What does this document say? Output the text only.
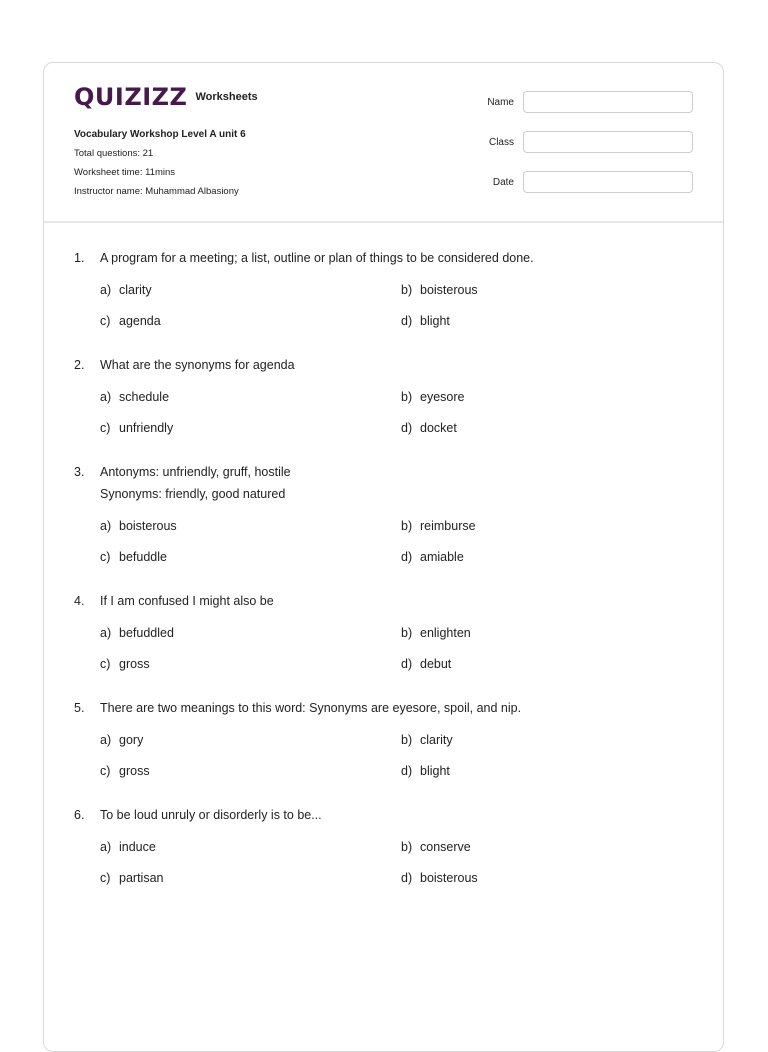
QUIZIZZ Worksheets
Vocabulary Workshop Level A unit 6
Total questions: 21
Worksheet time: 11mins
Instructor name: Muhammad Albasiony
Name
Class
Date
1.	A program for a meeting; a list, outline or plan of things to be considered done.
a) clarity	b) boisterous
c) agenda	d) blight
2.	What are the synonyms for agenda
a) schedule	b) eyesore
c) unfriendly	d) docket
3.	Antonyms: unfriendly, gruff, hostile
Synonyms: friendly, good natured
a) boisterous	b) reimburse
c) befuddle	d) amiable
4.	If I am confused I might also be
a) befuddled	b) enlighten
c) gross	d) debut
5.	There are two meanings to this word: Synonyms are eyesore, spoil, and nip.
a) gory	b) clarity
c) gross	d) blight
6.	To be loud unruly or disorderly is to be...
a) induce	b) conserve
c) partisan	d) boisterous
